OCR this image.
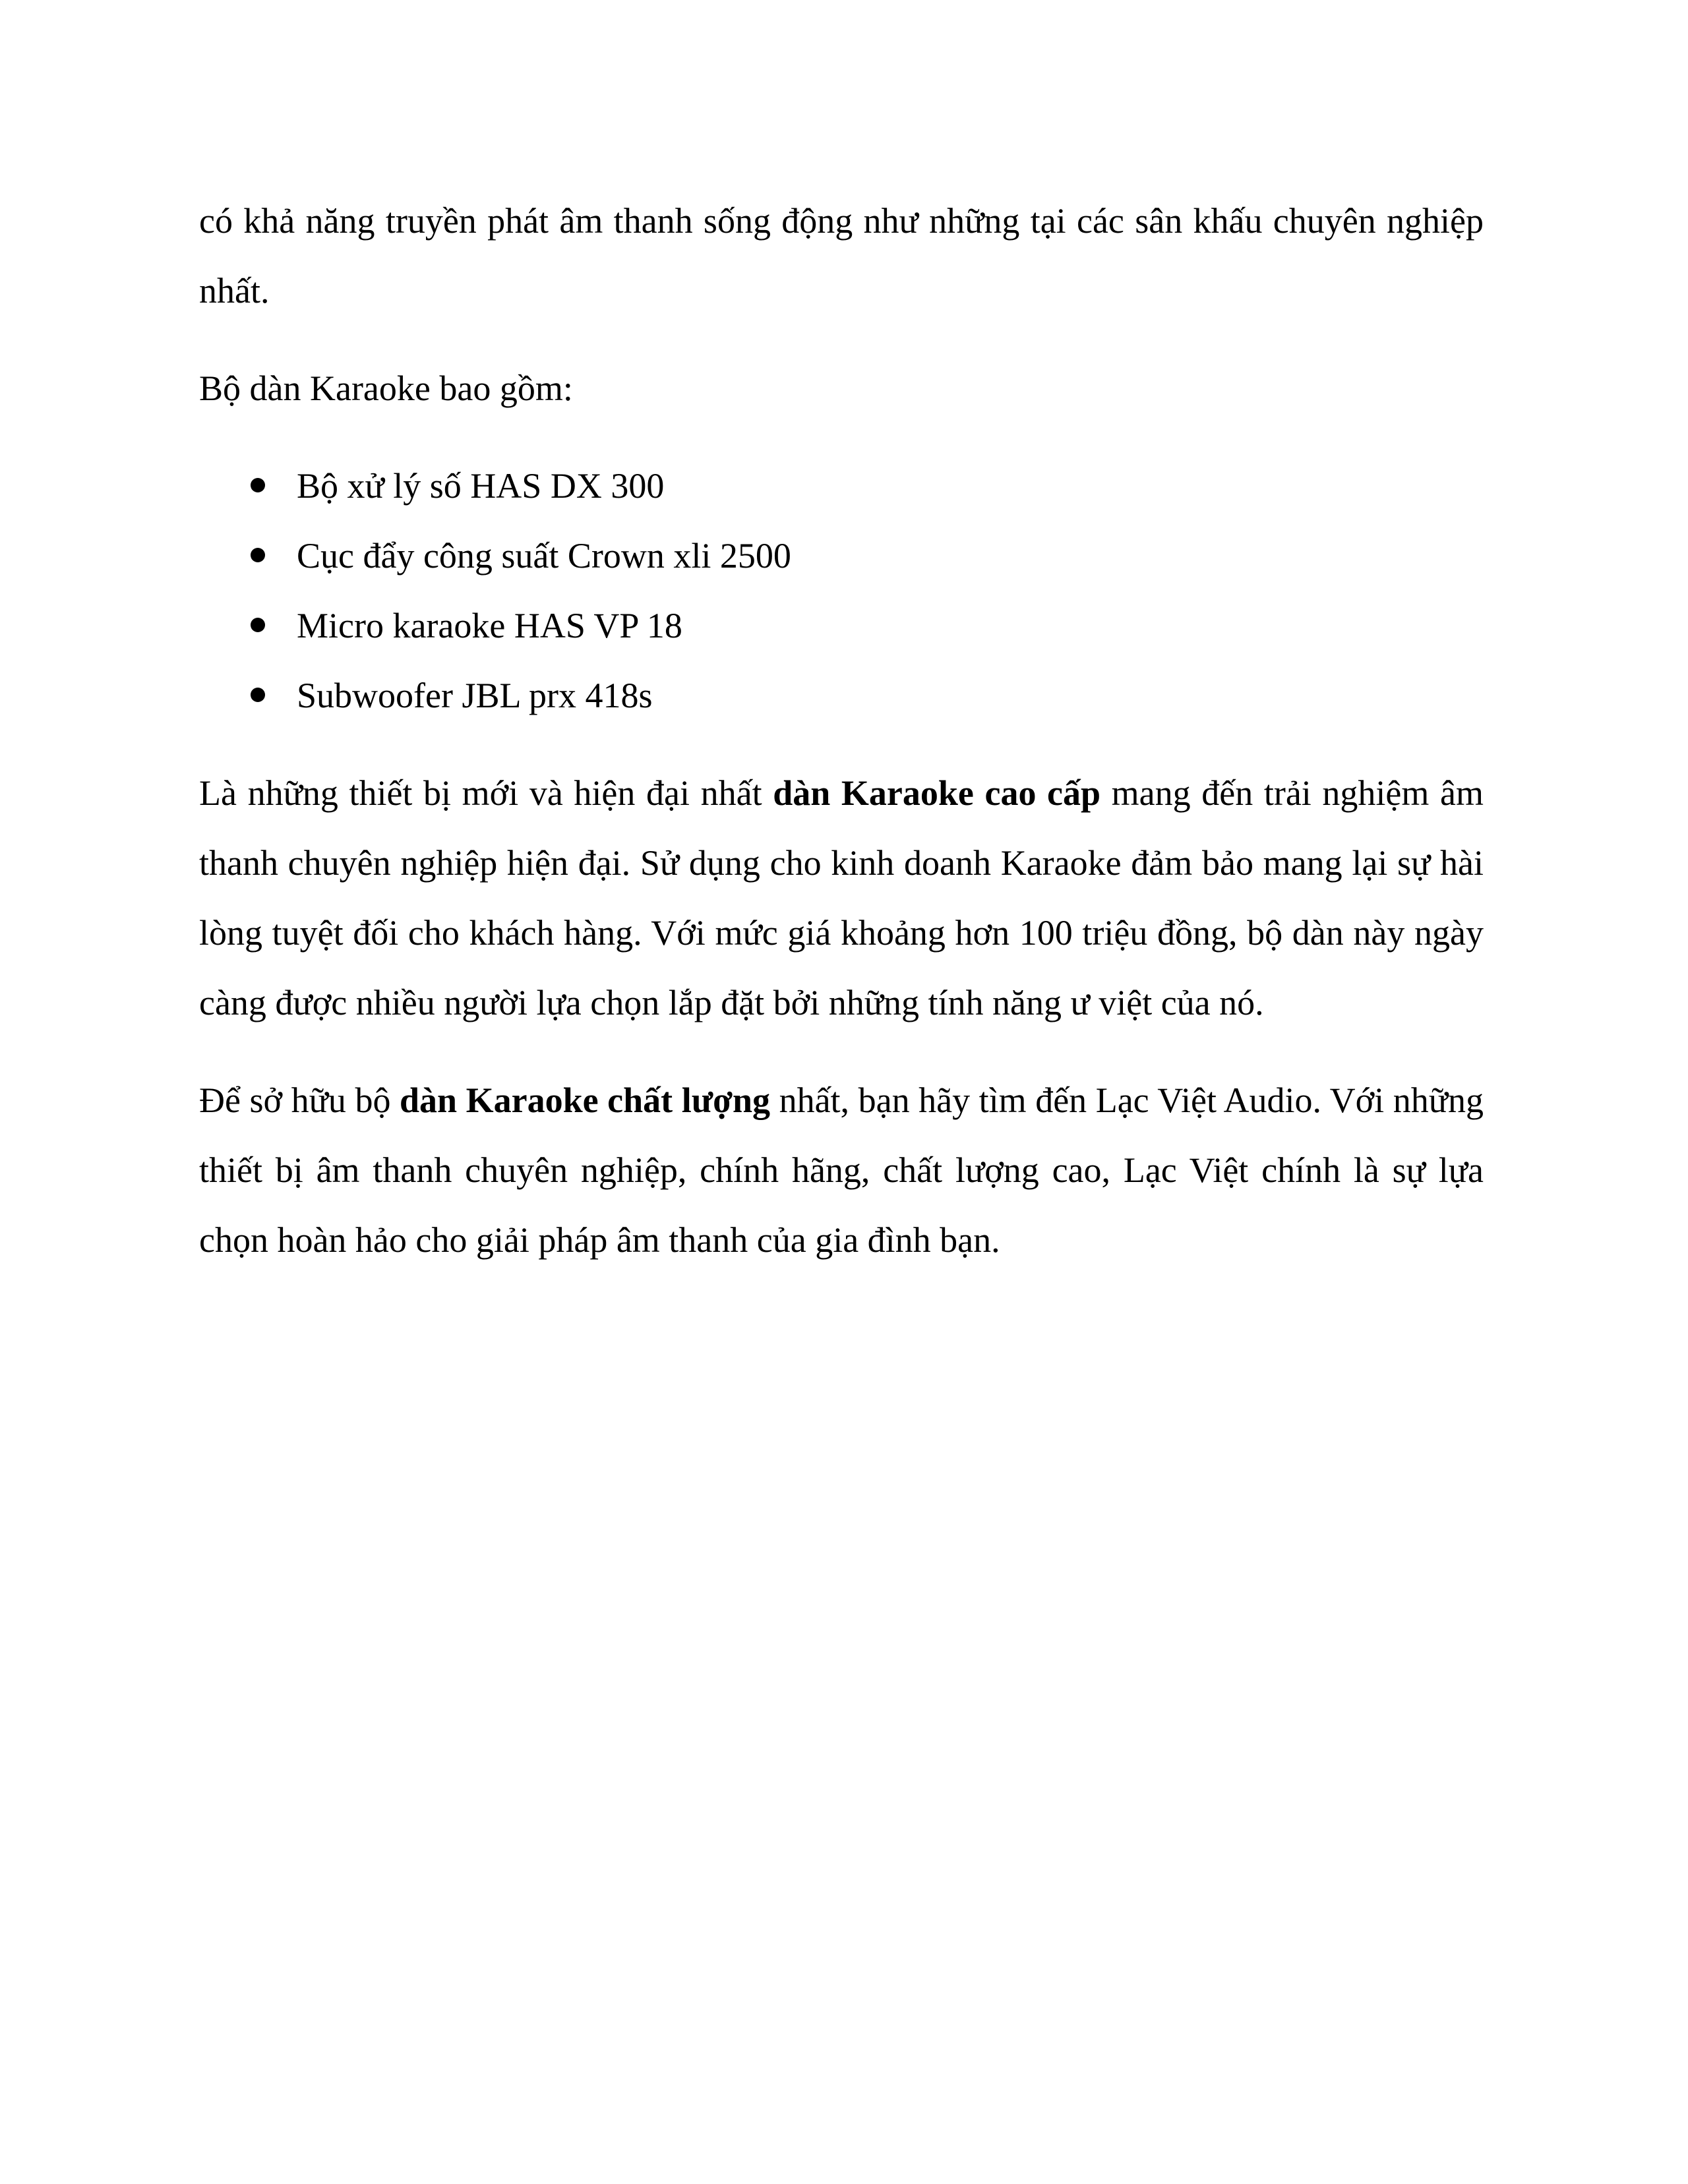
có khả năng truyền phát âm thanh sống động như những tại các sân khấu chuyên nghiệp nhất.

Bộ dàn Karaoke bao gồm:

Bộ xử lý số HAS DX 300
Cục đẩy công suất Crown xli 2500
Micro karaoke HAS VP 18
Subwoofer JBL prx 418s

Là những thiết bị mới và hiện đại nhất dàn Karaoke cao cấp mang đến trải nghiệm âm thanh chuyên nghiệp hiện đại. Sử dụng cho kinh doanh Karaoke đảm bảo mang lại sự hài lòng tuyệt đối cho khách hàng. Với mức giá khoảng hơn 100 triệu đồng, bộ dàn này ngày càng được nhiều người lựa chọn lắp đặt bởi những tính năng ư việt của nó.

Để sở hữu bộ dàn Karaoke chất lượng nhất, bạn hãy tìm đến Lạc Việt Audio. Với những thiết bị âm thanh chuyên nghiệp, chính hãng, chất lượng cao, Lạc Việt chính là sự lựa chọn hoàn hảo cho giải pháp âm thanh của gia đình bạn.
